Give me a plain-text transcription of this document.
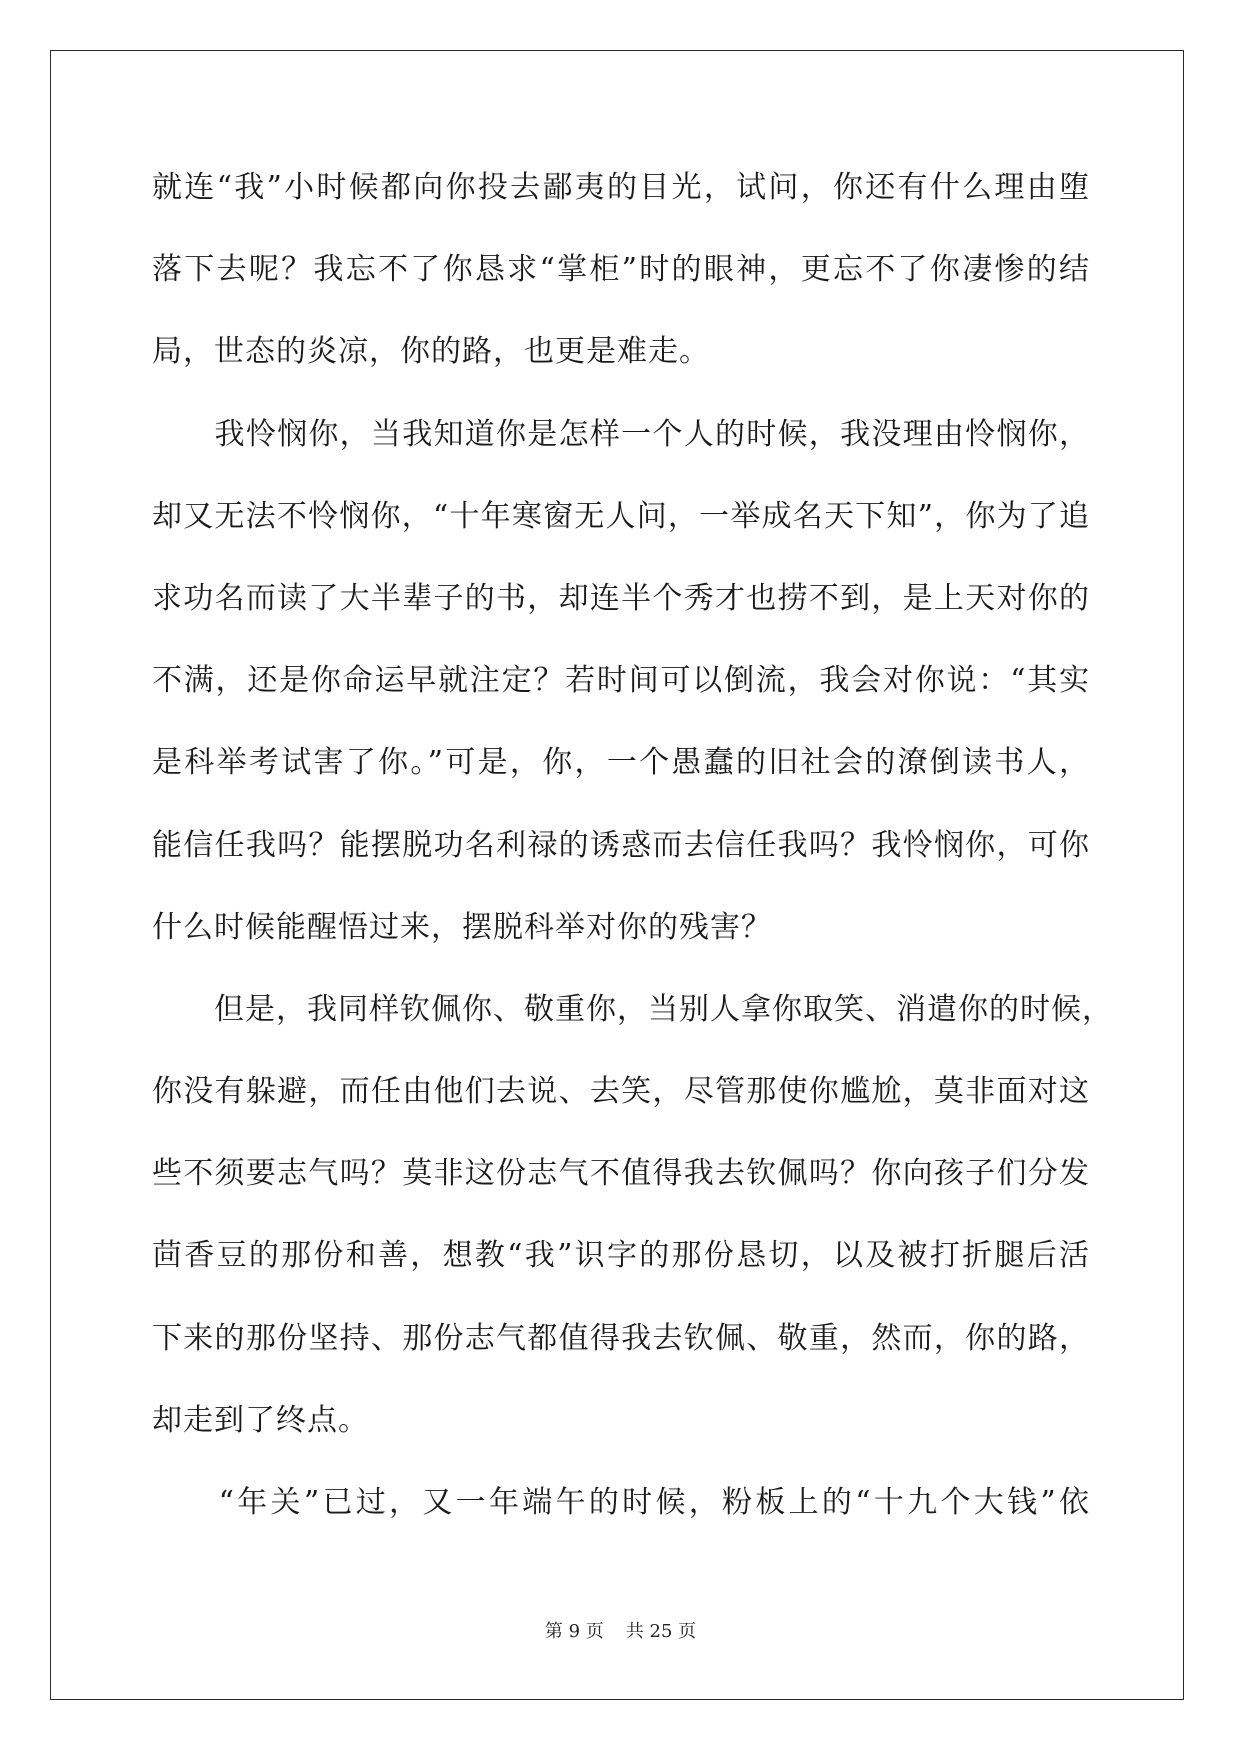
就连“我”小时候都向你投去鄙夷的目光，试问，你还有什么理由堕
落下去呢？我忘不了你恳求“掌柜”时的眼神，更忘不了你凄惨的结
局，世态的炎凉，你的路，也更是难走。
　　我怜悯你，当我知道你是怎样一个人的时候，我没理由怜悯你，
却又无法不怜悯你，“十年寒窗无人问，一举成名天下知”，你为了追
求功名而读了大半辈子的书，却连半个秀才也捞不到，是上天对你的
不满，还是你命运早就注定？若时间可以倒流，我会对你说：“其实
是科举考试害了你。”可是，你，一个愚蠢的旧社会的潦倒读书人，
能信任我吗？能摆脱功名利禄的诱惑而去信任我吗？我怜悯你，可你
什么时候能醒悟过来，摆脱科举对你的残害？
　　但是，我同样钦佩你、敬重你，当别人拿你取笑、消遣你的时候，
你没有躲避，而任由他们去说、去笑，尽管那使你尴尬，莫非面对这
些不须要志气吗？莫非这份志气不值得我去钦佩吗？你向孩子们分发
茴香豆的那份和善，想教“我”识字的那份恳切，以及被打折腿后活
下来的那份坚持、那份志气都值得我去钦佩、敬重，然而，你的路，
却走到了终点。
　　“年关”已过，又一年端午的时候，粉板上的“十九个大钱”依
第 9 页 共 25 页
